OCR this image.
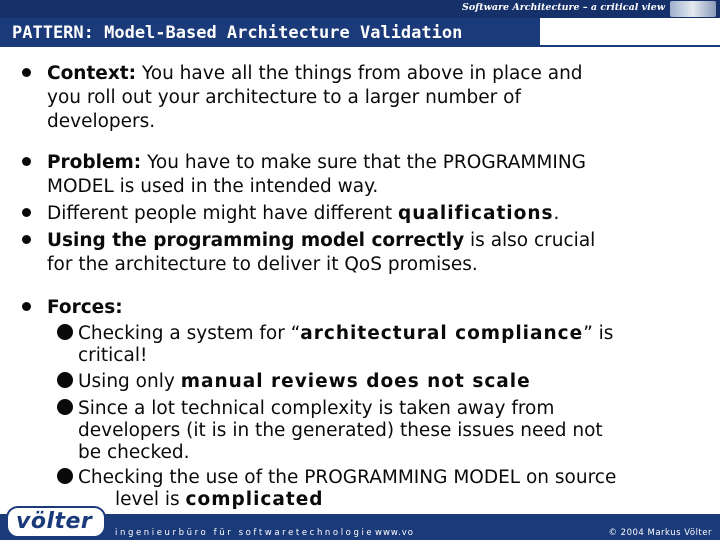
Software Architecture – a critical view
PATTERN: Model-Based Architecture Validation
Context: You have all the things from above in place and
you roll out your architecture to a larger number of
developers.
Problem: You have to make sure that the PROGRAMMING
MODEL is used in the intended way.
Different people might have different qualifications.
Using the programming model correctly is also crucial
for the architecture to deliver it QoS promises.
Forces:
Checking a system for “architectural compliance” is
critical!
Using only manual reviews does not scale
Since a lot technical complexity is taken away from
developers (it is in the generated) these issues need not
be checked.
Checking the use of the PROGRAMMING MODEL on source
level is complicated
ingenieurbüro für softwaretechnologie www.vo	© 2004 Markus Völter
völter
